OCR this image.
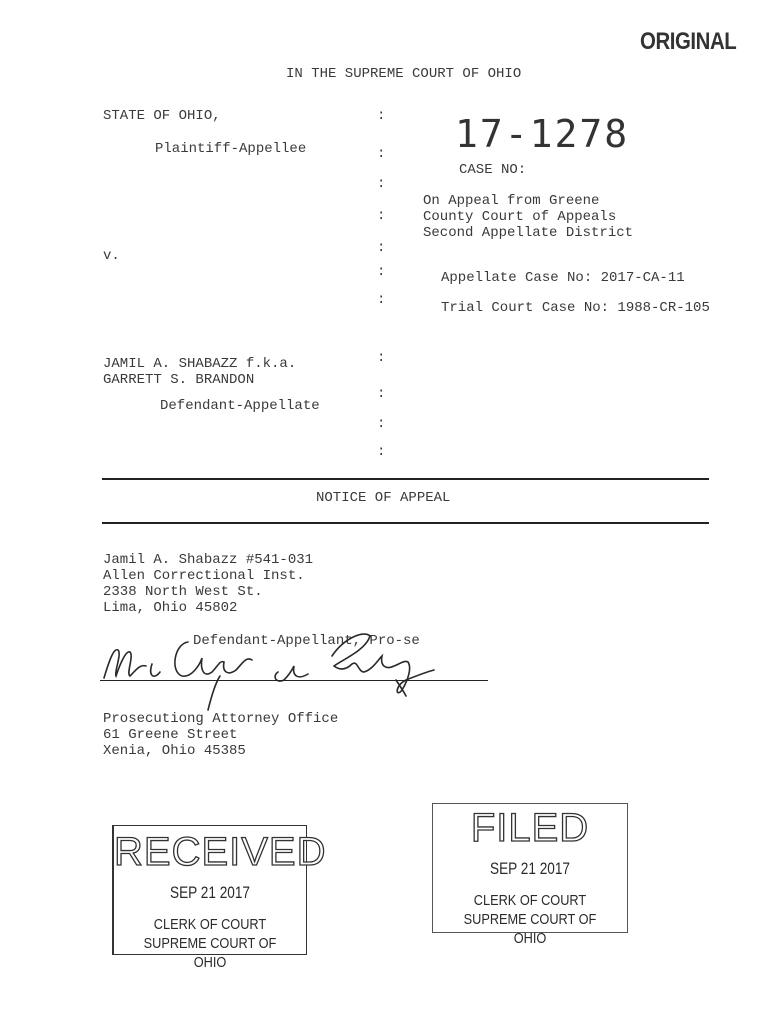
ORIGINAL
IN THE SUPREME COURT OF OHIO
STATE OF OHIO,
Plaintiff-Appellee
v.
JAMIL A. SHABAZZ f.k.a.
GARRETT S. BRANDON
Defendant-Appellate
:
:
:
:
:
:
:
:
:
:
:
17-1278
CASE NO:
On Appeal from Greene
County Court of Appeals
Second Appellate District
Appellate Case No: 2017-CA-11
Trial Court Case No: 1988-CR-105
NOTICE OF APPEAL
Jamil A. Shabazz #541-031
Allen Correctional Inst.
2338 North West St.
Lima, Ohio 45802
Defendant-Appellant, Pro-se
Prosecutiong Attorney Office
61 Greene Street
Xenia, Ohio 45385
RECEIVED
SEP 21 2017
CLERK OF COURT
SUPREME COURT OF OHIO
FILED
SEP 21 2017
CLERK OF COURT
SUPREME COURT OF OHIO
